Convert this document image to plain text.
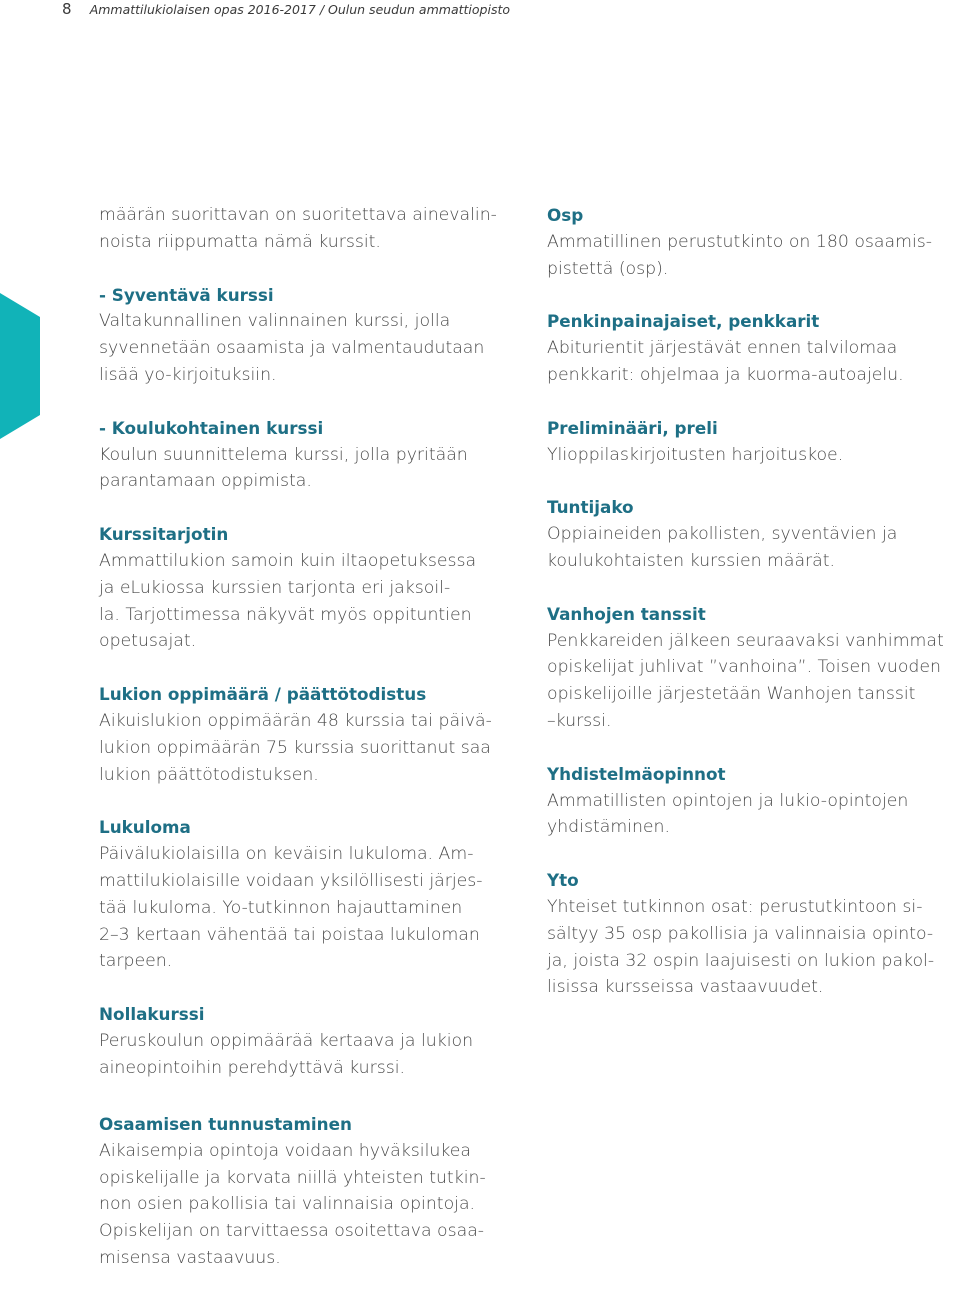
8 Ammattilukiolaisen opas 2016-2017 / Oulun seudun ammattiopisto
määrän suorittavan on suoritettava ainevalin-
noista riippumatta nämä kurssit.
- Syventävä kurssi
Valtakunnallinen valinnainen kurssi, jolla
syvennetään osaamista ja valmentaudutaan
lisää yo-kirjoituksiin.
- Koulukohtainen kurssi
Koulun suunnittelema kurssi, jolla pyritään
parantamaan oppimista.
Kurssitarjotin
Ammattilukion samoin kuin iltaopetuksessa
ja eLukiossa kurssien tarjonta eri jaksoil-
la. Tarjottimessa näkyvät myös oppituntien
opetusajat.
Lukion oppimäärä / päättötodistus
Aikuislukion oppimäärän 48 kurssia tai päivä-
lukion oppimäärän 75 kurssia suorittanut saa
lukion päättötodistuksen.
Lukuloma
Päivälukiolaisilla on keväisin lukuloma. Am-
mattilukiolaisille voidaan yksilöllisesti järjes-
tää lukuloma. Yo-tutkinnon hajauttaminen
2–3 kertaan vähentää tai poistaa lukuloman
tarpeen.
Nollakurssi
Peruskoulun oppimäärää kertaava ja lukion
aineopintoihin perehdyttävä kurssi.
Osp
Ammatillinen perustutkinto on 180 osaamis-
pistettä (osp).
Penkinpainajaiset, penkkarit
Abiturientit järjestävät ennen talvilomaa
penkkarit: ohjelmaa ja kuorma-autoajelu.
Preliminääri, preli
Ylioppilaskirjoitusten harjoituskoe.
Tuntijako
Oppiaineiden pakollisten, syventävien ja
koulukohtaisten kurssien määrät.
Vanhojen tanssit
Penkkareiden jälkeen seuraavaksi vanhimmat
opiskelijat juhlivat ”vanhoina”. Toisen vuoden
opiskelijoille järjestetään Wanhojen tanssit
–kurssi.
Yhdistelmäopinnot
Ammatillisten opintojen ja lukio-opintojen
yhdistäminen.
Yto
Yhteiset tutkinnon osat: perustutkintoon si-
sältyy 35 osp pakollisia ja valinnaisia opinto-
ja, joista 32 ospin laajuisesti on lukion pakol-
lisissa kursseissa vastaavuudet.
Osaamisen tunnustaminen
Aikaisempia opintoja voidaan hyväksilukea
opiskelijalle ja korvata niillä yhteisten tutkin-
non osien pakollisia tai valinnaisia opintoja.
Opiskelijan on tarvittaessa osoitettava osaa-
misensa vastaavuus.
